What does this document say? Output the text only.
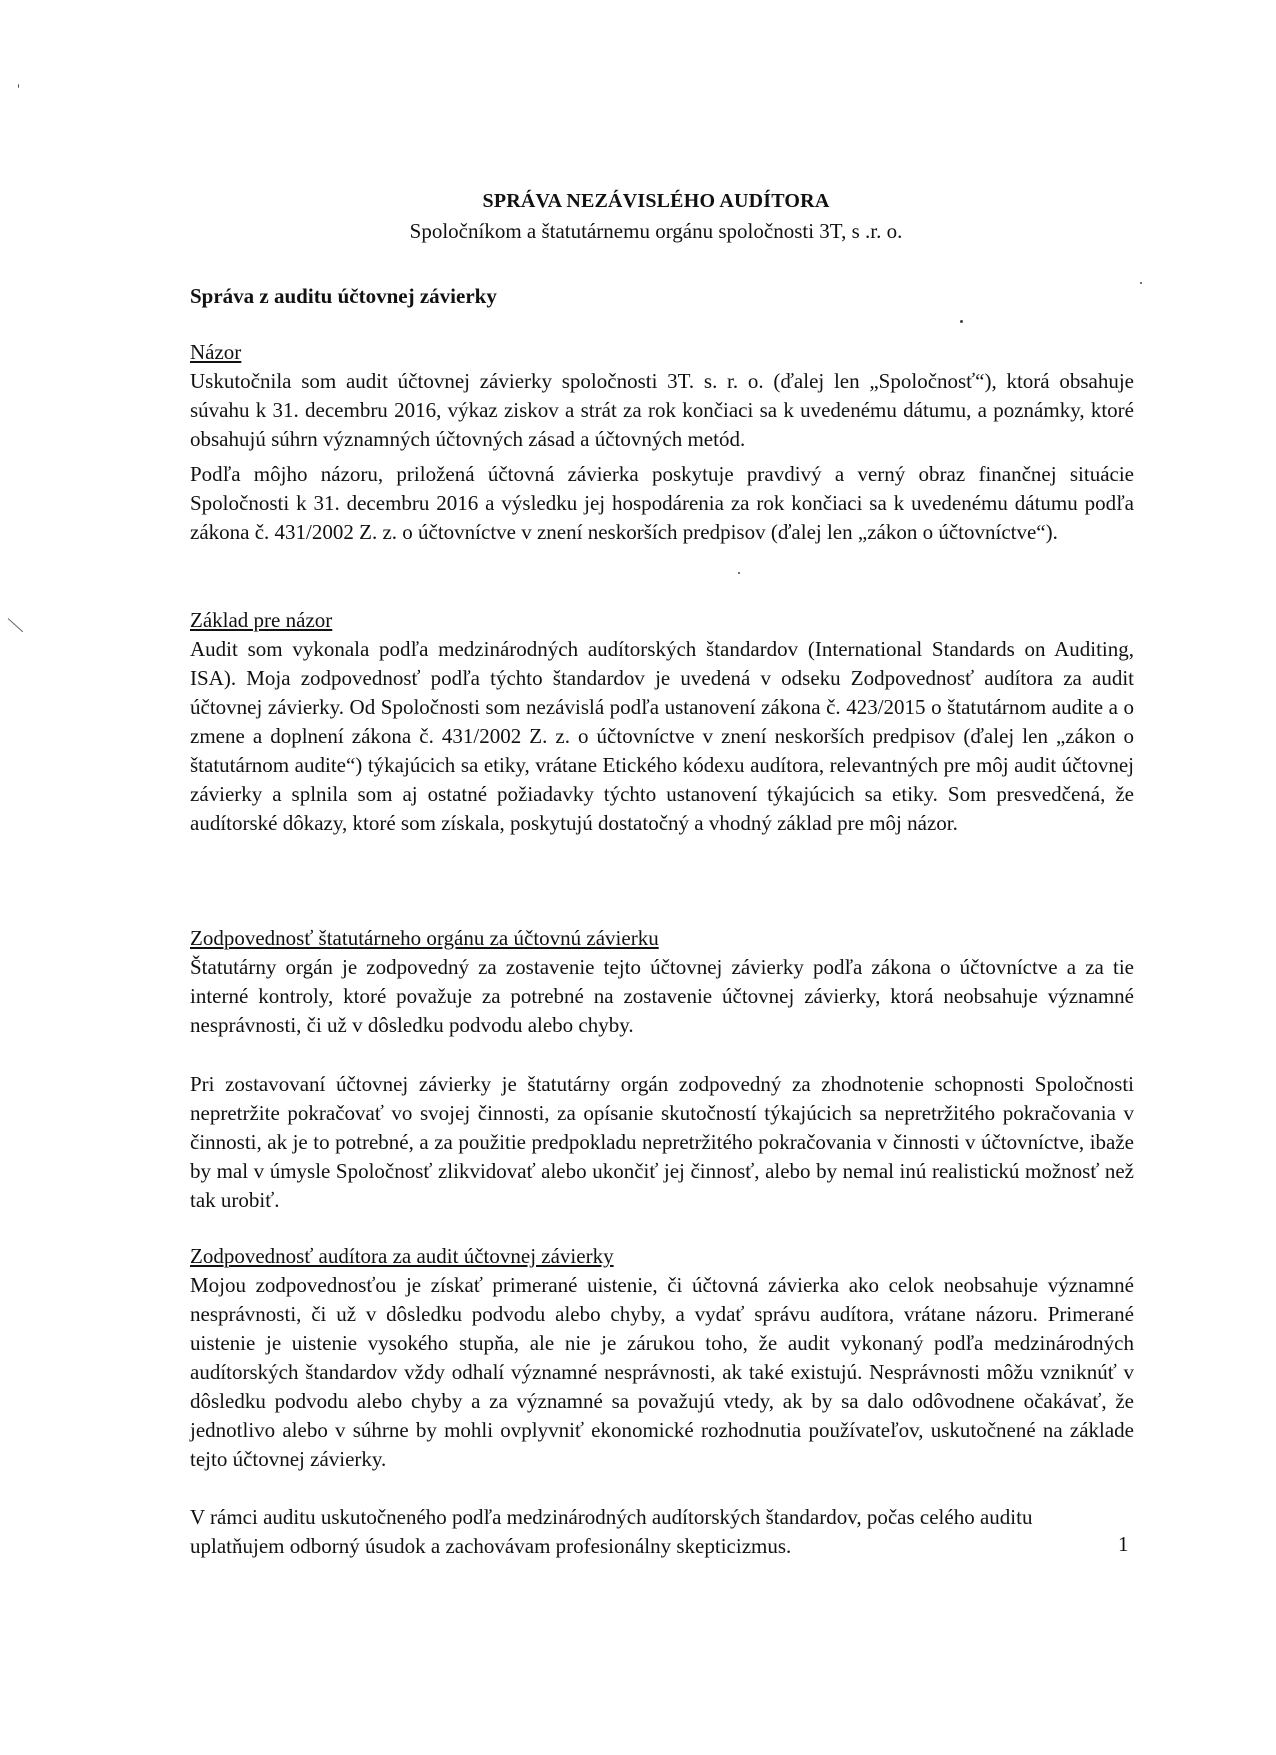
SPRÁVA NEZÁVISLÉHO AUDÍTORA
Spoločníkom a štatutárnemu orgánu spoločnosti 3T, s .r. o.
Správa z auditu účtovnej závierky
Názor

Uskutočnila som audit účtovnej závierky spoločnosti 3T. s. r. o. (ďalej len „Spoločnosť“), ktorá obsahuje súvahu k 31. decembru 2016, výkaz ziskov a strát za rok končiaci sa k uvedenému dátumu, a poznámky, ktoré obsahujú súhrn významných účtovných zásad a účtovných metód.

Podľa môjho názoru, priložená účtovná závierka poskytuje pravdivý a verný obraz finančnej situácie Spoločnosti k 31. decembru 2016 a výsledku jej hospodárenia za rok končiaci sa k uvedenému dátumu podľa zákona č. 431/2002 Z. z. o účtovníctve v znení neskorších predpisov (ďalej len „zákon o účtovníctve“).

Základ pre názor

Audit som vykonala podľa medzinárodných audítorských štandardov (International Standards on Auditing, ISA). Moja zodpovednosť podľa týchto štandardov je uvedená v odseku Zodpovednosť audítora za audit účtovnej závierky. Od Spoločnosti som nezávislá podľa ustanovení zákona č. 423/2015 o štatutárnom audite a o zmene a doplnení zákona č. 431/2002 Z. z. o účtovníctve v znení neskorších predpisov (ďalej len „zákon o štatutárnom audite“) týkajúcich sa etiky, vrátane Etického kódexu audítora, relevantných pre môj audit účtovnej závierky a splnila som aj ostatné požiadavky týchto ustanovení týkajúcich sa etiky. Som presvedčená, že audítorské dôkazy, ktoré som získala, poskytujú dostatočný a vhodný základ pre môj názor.

Zodpovednosť štatutárneho orgánu za účtovnú závierku

Štatutárny orgán je zodpovedný za zostavenie tejto účtovnej závierky podľa zákona o účtovníctve a za tie interné kontroly, ktoré považuje za potrebné na zostavenie účtovnej závierky, ktorá neobsahuje významné nesprávnosti, či už v dôsledku podvodu alebo chyby.

Pri zostavovaní účtovnej závierky je štatutárny orgán zodpovedný za zhodnotenie schopnosti Spoločnosti nepretržite pokračovať vo svojej činnosti, za opísanie skutočností týkajúcich sa nepretržitého pokračovania v činnosti, ak je to potrebné, a za použitie predpokladu nepretržitého pokračovania v činnosti v účtovníctve, ibaže by mal v úmysle Spoločnosť zlikvidovať alebo ukončiť jej činnosť, alebo by nemal inú realistickú možnosť než tak urobiť.

Zodpovednosť audítora za audit účtovnej závierky

Mojou zodpovednosťou je získať primerané uistenie, či účtovná závierka ako celok neobsahuje významné nesprávnosti, či už v dôsledku podvodu alebo chyby, a vydať správu audítora, vrátane názoru. Primerané uistenie je uistenie vysokého stupňa, ale nie je zárukou toho, že audit vykonaný podľa medzinárodných audítorských štandardov vždy odhalí významné nesprávnosti, ak také existujú. Nesprávnosti môžu vzniknúť v dôsledku podvodu alebo chyby a za významné sa považujú vtedy, ak by sa dalo odôvodnene očakávať, že jednotlivo alebo v súhrne by mohli ovplyvniť ekonomické rozhodnutia používateľov, uskutočnené na základe tejto účtovnej závierky.

V rámci auditu uskutočneného podľa medzinárodných audítorských štandardov, počas celého auditu uplatňujem odborný úsudok a zachovávam profesionálny skepticizmus.	1
